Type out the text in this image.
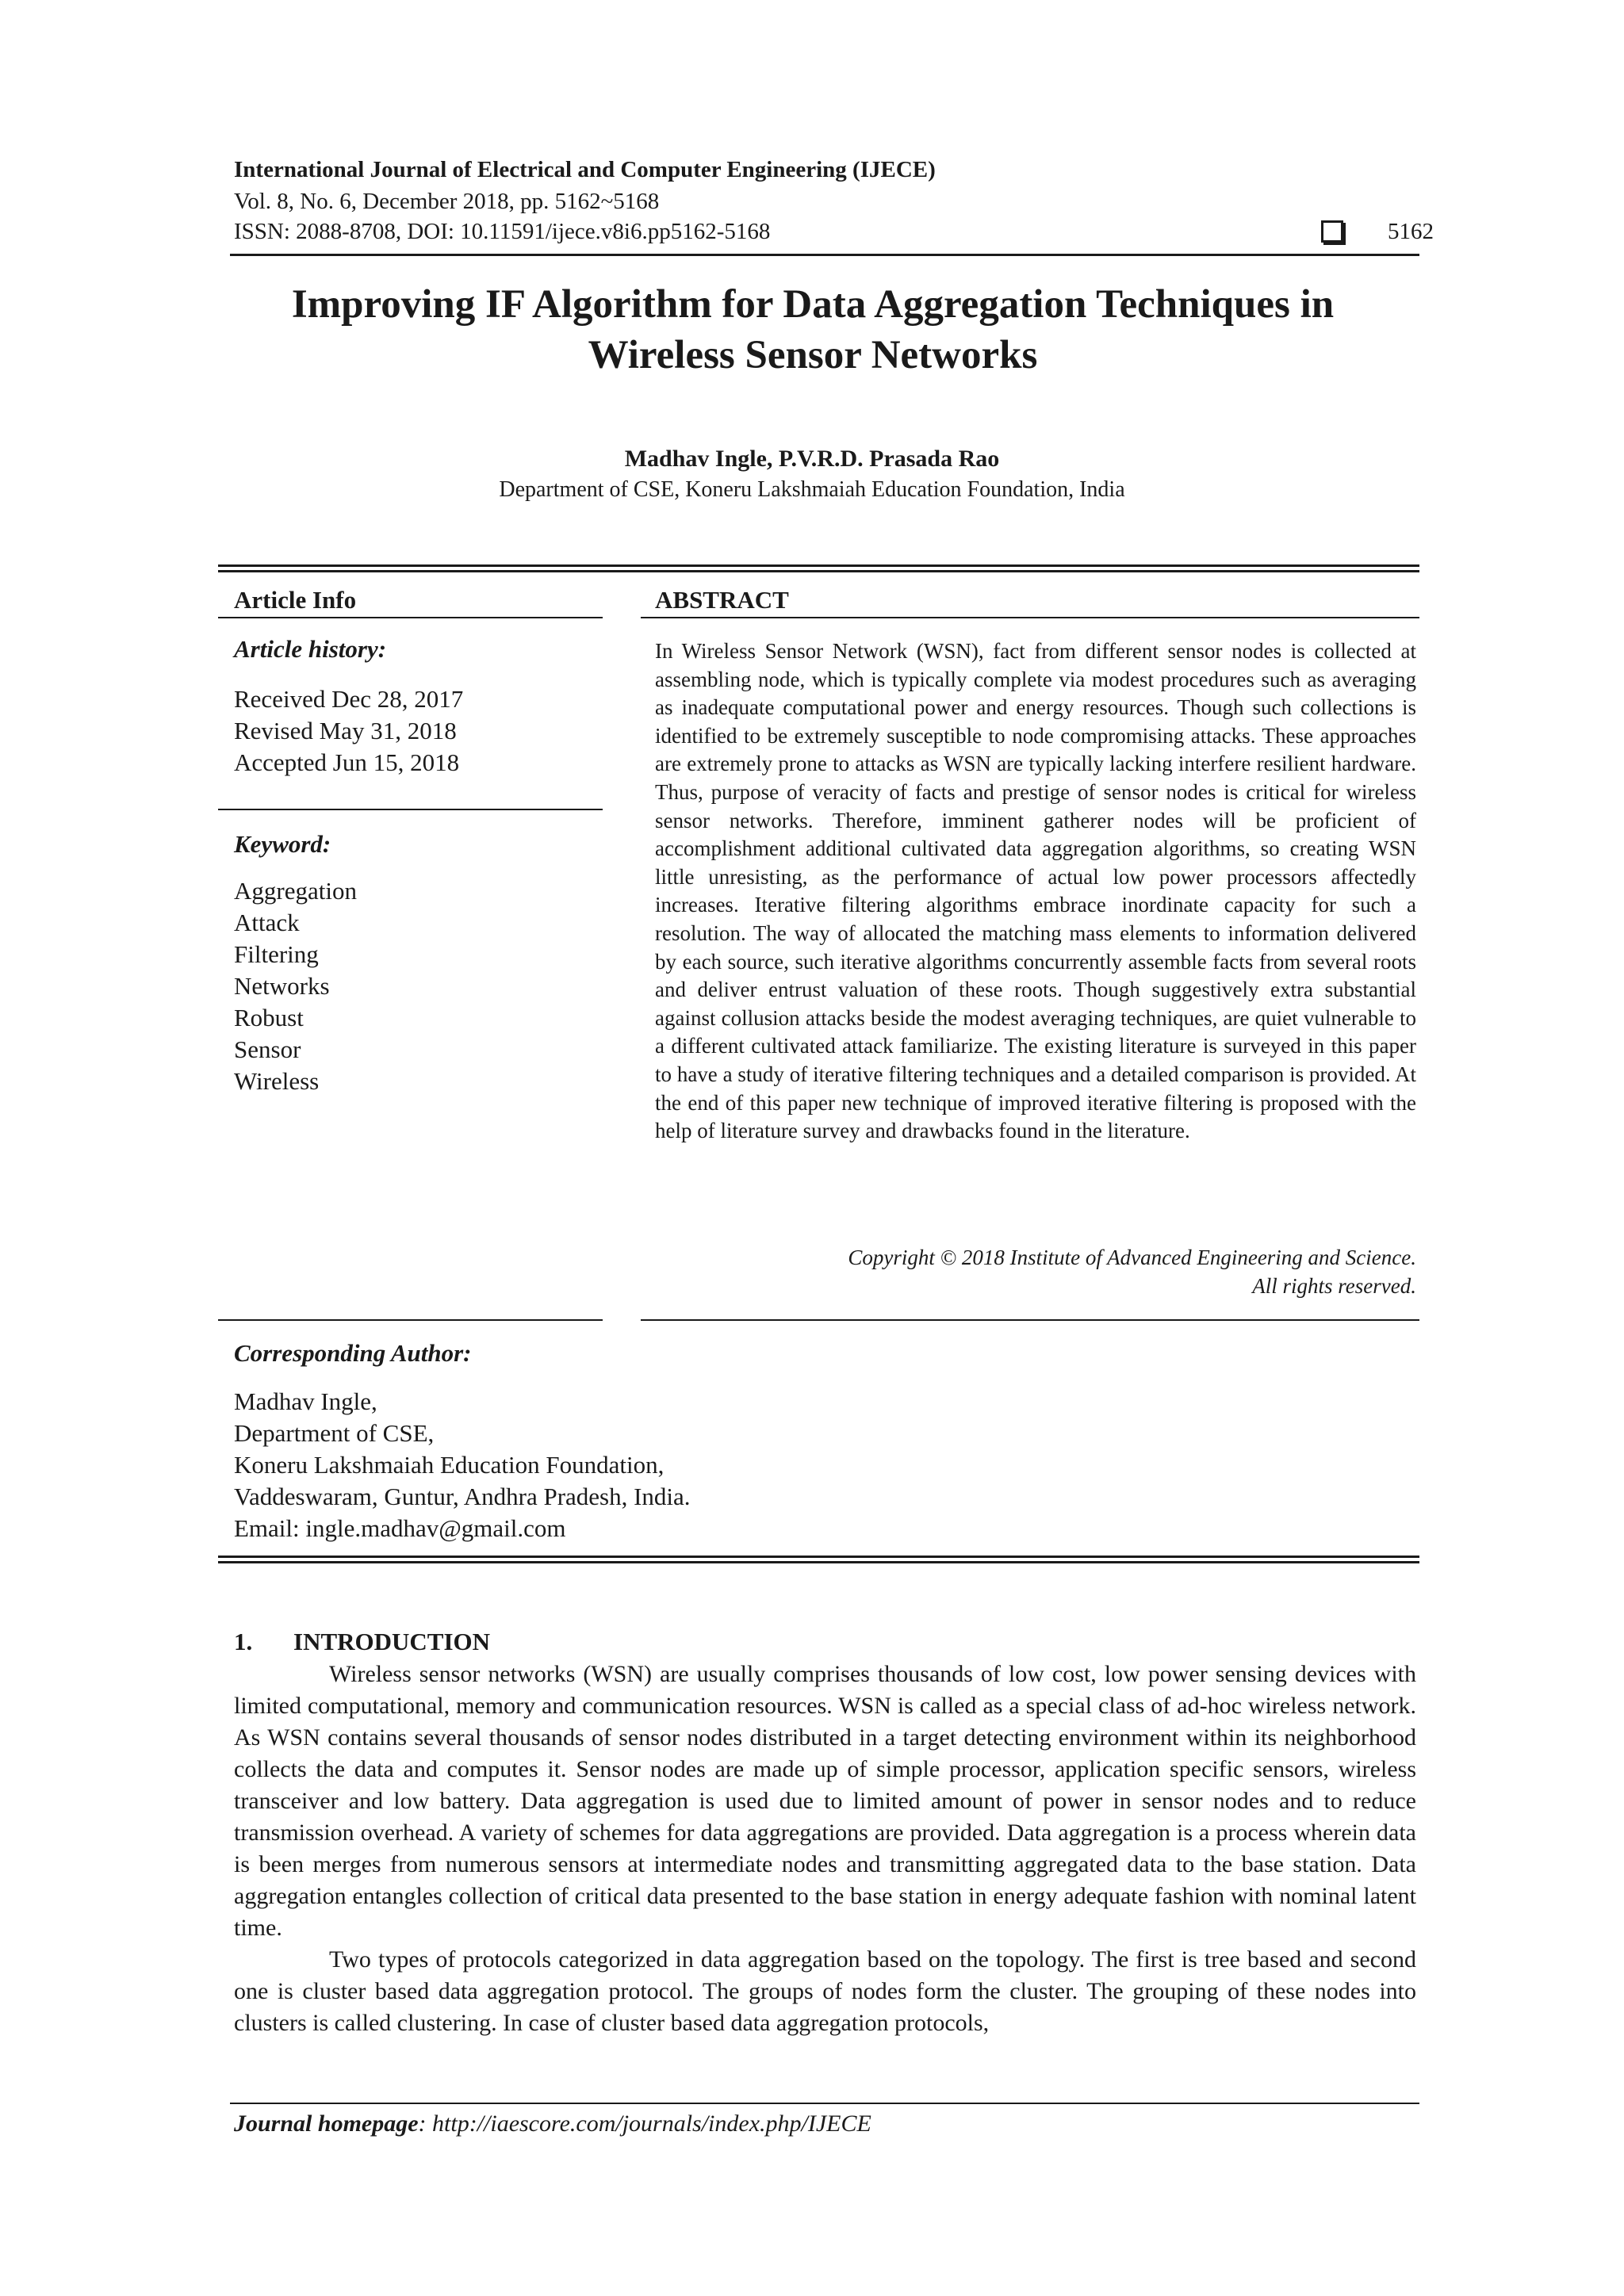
International Journal of Electrical and Computer Engineering (IJECE)
Vol. 8, No. 6, December 2018, pp. 5162~5168
ISSN: 2088-8708, DOI: 10.11591/ijece.v8i6.pp5162-5168	5162
Improving IF Algorithm for Data Aggregation Techniques in
Wireless Sensor Networks
Madhav Ingle, P.V.R.D. Prasada Rao
Department of CSE, Koneru Lakshmaiah Education Foundation, India
Article Info
Article history:
Received Dec 28, 2017
Revised May 31, 2018
Accepted Jun 15, 2018
Keyword:
Aggregation
Attack
Filtering
Networks
Robust
Sensor
Wireless
ABSTRACT
In Wireless Sensor Network (WSN), fact from different sensor nodes is collected at assembling node, which is typically complete via modest procedures such as averaging as inadequate computational power and energy resources. Though such collections is identified to be extremely susceptible to node compromising attacks. These approaches are extremely prone to attacks as WSN are typically lacking interfere resilient hardware. Thus, purpose of veracity of facts and prestige of sensor nodes is critical for wireless sensor networks. Therefore, imminent gatherer nodes will be proficient of accomplishment additional cultivated data aggregation algorithms, so creating WSN little unresisting, as the performance of actual low power processors affectedly increases. Iterative filtering algorithms embrace inordinate capacity for such a resolution. The way of allocated the matching mass elements to information delivered by each source, such iterative algorithms concurrently assemble facts from several roots and deliver entrust valuation of these roots. Though suggestively extra substantial against collusion attacks beside the modest averaging techniques, are quiet vulnerable to a different cultivated attack familiarize. The existing literature is surveyed in this paper to have a study of iterative filtering techniques and a detailed comparison is provided. At the end of this paper new technique of improved iterative filtering is proposed with the help of literature survey and drawbacks found in the literature.
Copyright © 2018 Institute of Advanced Engineering and Science.
All rights reserved.
Corresponding Author:
Madhav Ingle,
Department of CSE,
Koneru Lakshmaiah Education Foundation,
Vaddeswaram, Guntur, Andhra Pradesh, India.
Email: ingle.madhav@gmail.com
1. INTRODUCTION

Wireless sensor networks (WSN) are usually comprises thousands of low cost, low power sensing devices with limited computational, memory and communication resources. WSN is called as a special class of ad-hoc wireless network. As WSN contains several thousands of sensor nodes distributed in a target detecting environment within its neighborhood collects the data and computes it. Sensor nodes are made up of simple processor, application specific sensors, wireless transceiver and low battery. Data aggregation is used due to limited amount of power in sensor nodes and to reduce transmission overhead. A variety of schemes for data aggregations are provided. Data aggregation is a process wherein data is been merges from numerous sensors at intermediate nodes and transmitting aggregated data to the base station. Data aggregation entangles collection of critical data presented to the base station in energy adequate fashion with nominal latent time.

Two types of protocols categorized in data aggregation based on the topology. The first is tree based and second one is cluster based data aggregation protocol. The groups of nodes form the cluster. The grouping of these nodes into clusters is called clustering. In case of cluster based data aggregation protocols,

Journal homepage: http://iaescore.com/journals/index.php/IJECE
